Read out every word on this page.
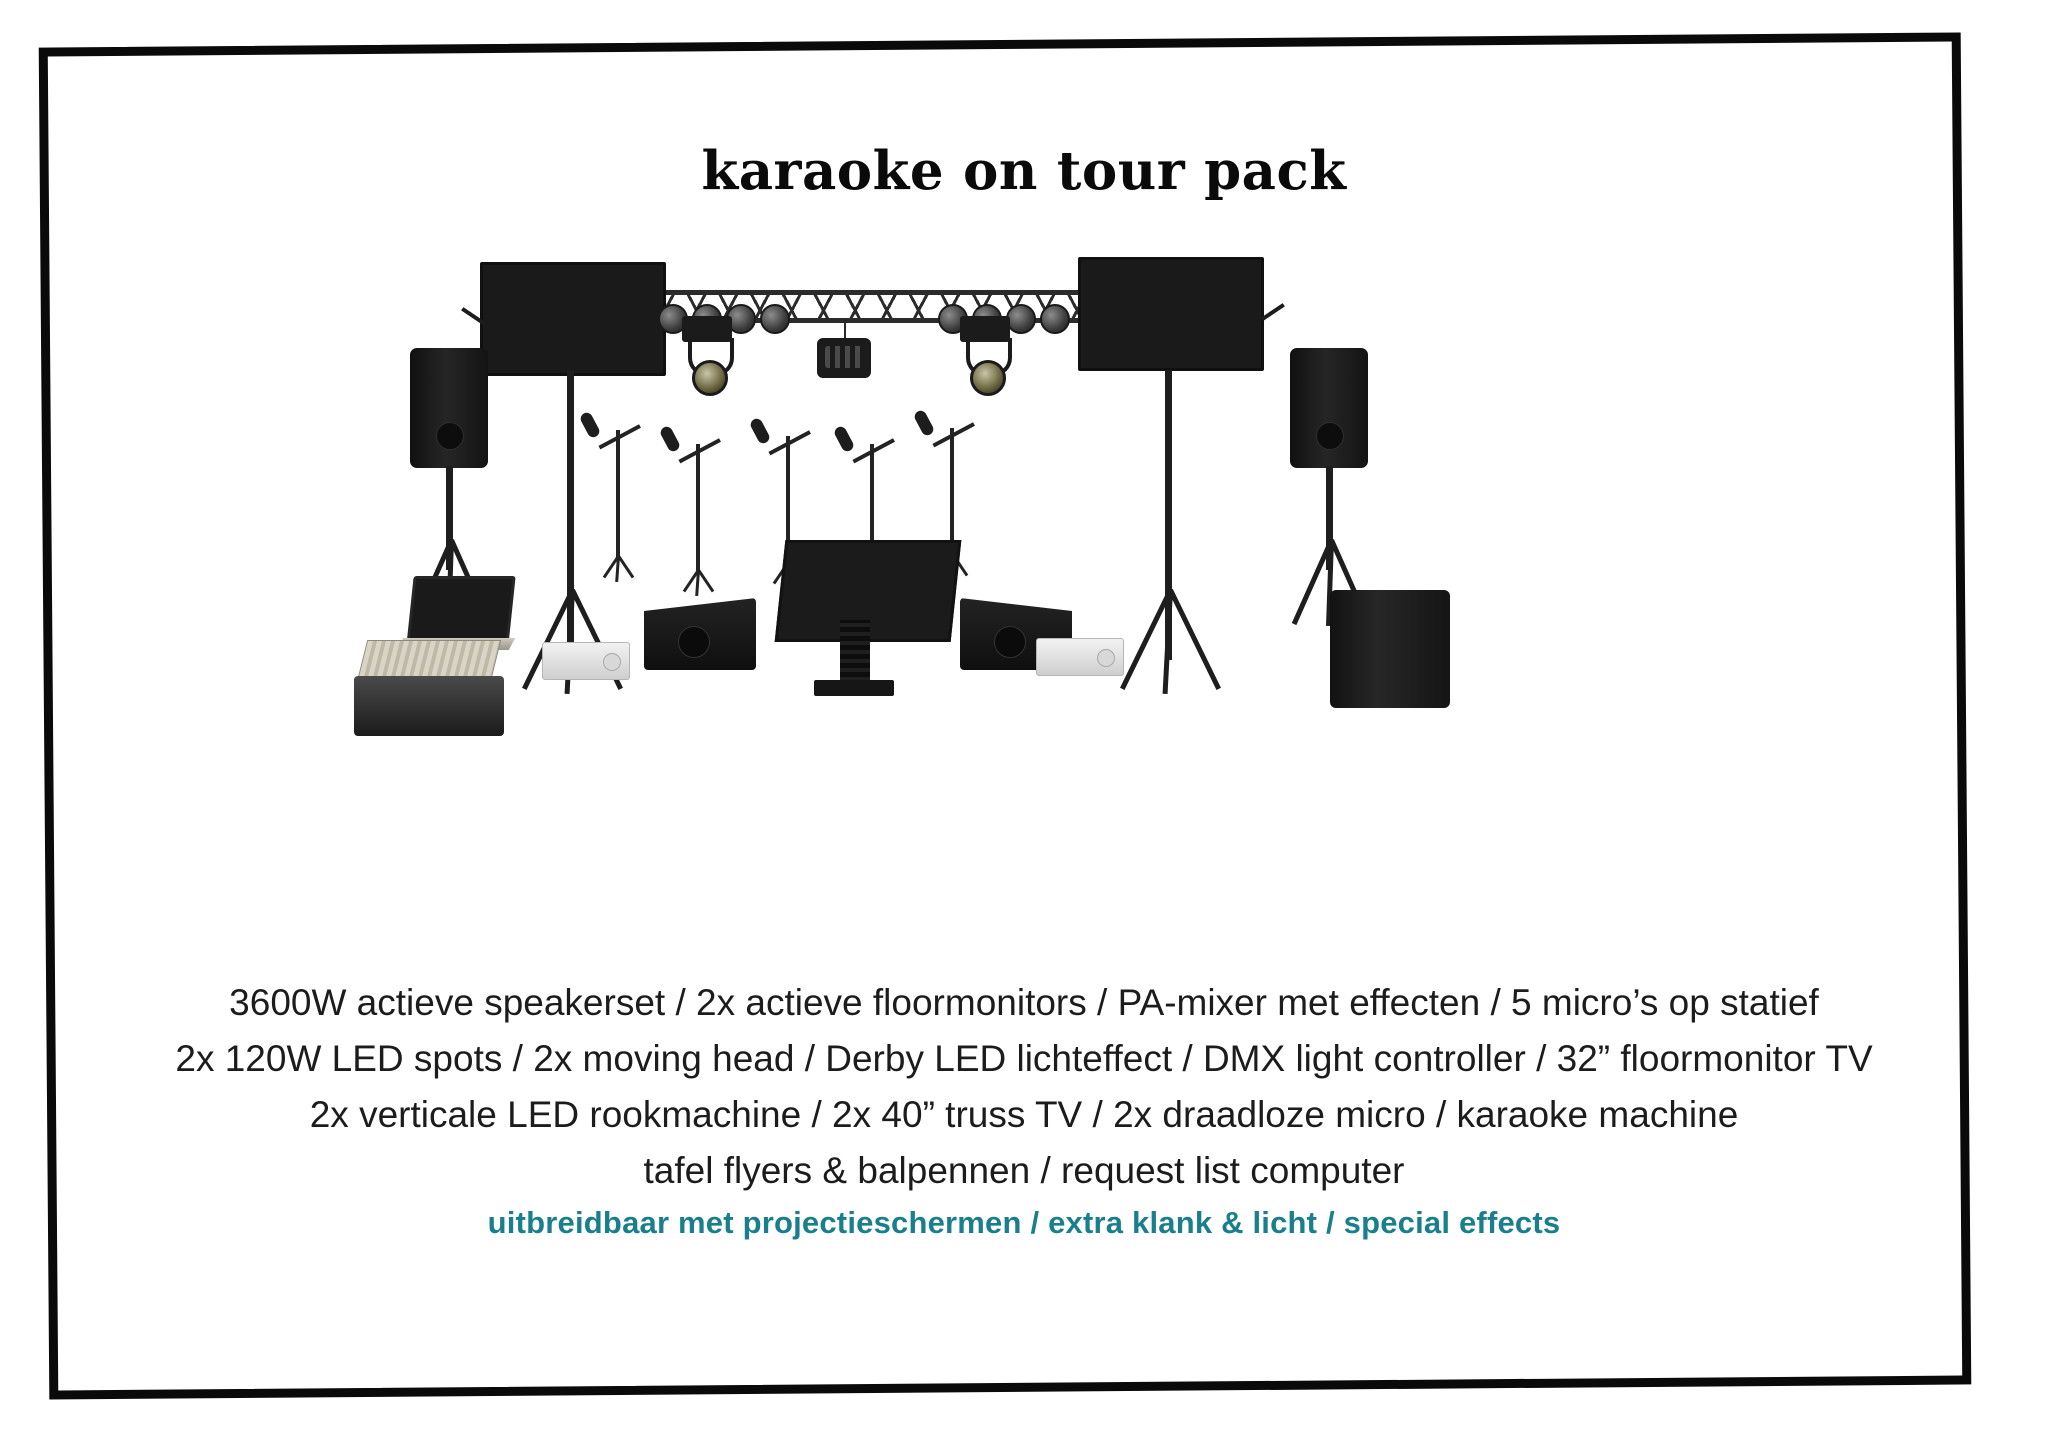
karaoke on tour pack
3600W actieve speakerset / 2x actieve floormonitors / PA-mixer met effecten / 5 micro’s op statief
2x 120W LED spots / 2x moving head / Derby LED lichteffect / DMX light controller / 32” floormonitor TV
2x verticale LED rookmachine / 2x 40” truss TV / 2x draadloze micro / karaoke machine
tafel flyers & balpennen / request list computer
uitbreidbaar met projectieschermen / extra klank & licht / special effects
